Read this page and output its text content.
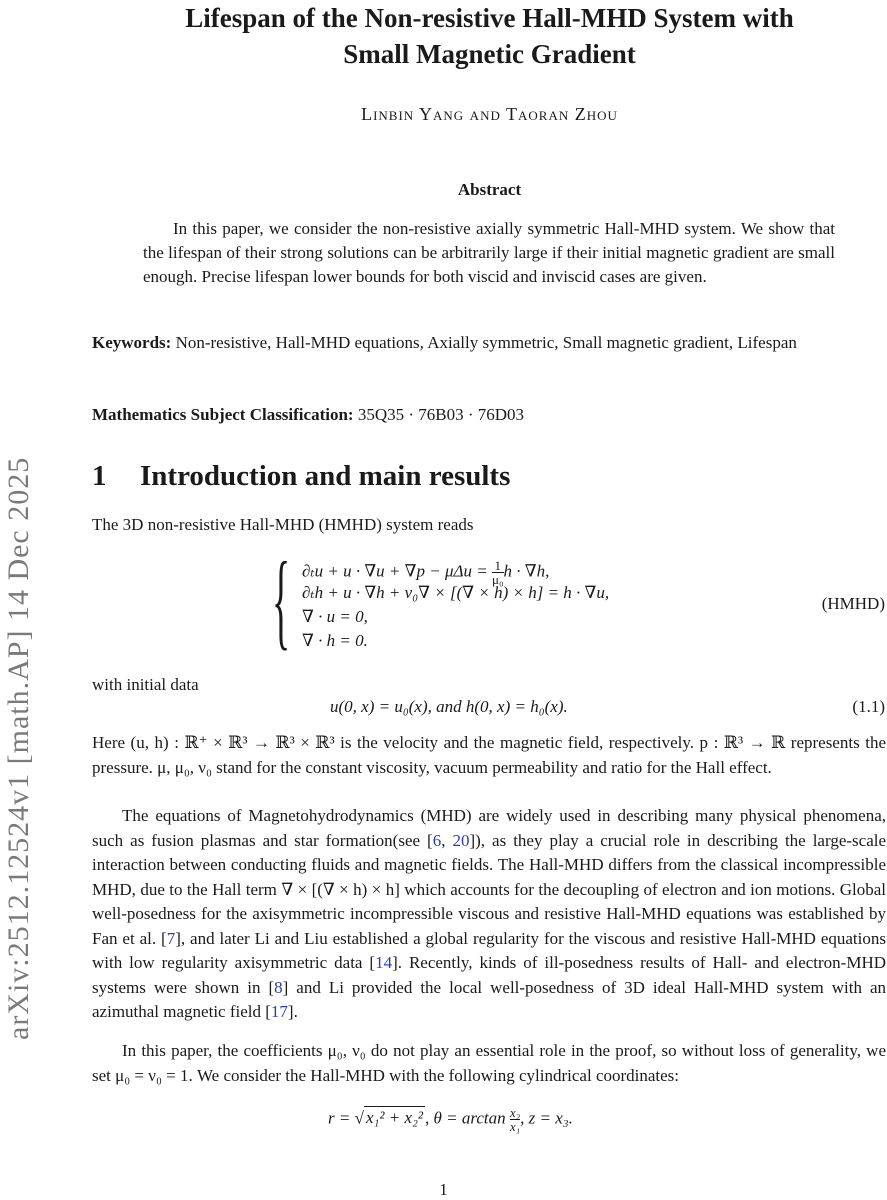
arXiv:2512.12524v1 [math.AP] 14 Dec 2025
Lifespan of the Non-resistive Hall-MHD System with
Small Magnetic Gradient
Linbin Yang and Taoran Zhou
Abstract
In this paper, we consider the non-resistive axially symmetric Hall-MHD system. We show that the lifespan of their strong solutions can be arbitrarily large if their initial magnetic gradient are small enough. Precise lifespan lower bounds for both viscid and inviscid cases are given.
Keywords: Non-resistive, Hall-MHD equations, Axially symmetric, Small magnetic gradient, Lifespan
Mathematics Subject Classification: 35Q35 · 76B03 · 76D03
1 Introduction and main results
The 3D non-resistive Hall-MHD (HMHD) system reads
{ $\partial_tu + u \cdot \nabla u + \nabla p - \mu\Delta u = \frac{1}{\text{μ₀}}$ h · ∇h,
∂ₜh + u · ∇h + ν₀∇ × [(∇ × h) × h] = h · ∇u,
∇ · u = 0,
∇ · h = 0.
(HMHD)
with initial data
u(0, x) = u₀(x), and h(0, x) = h₀(x).	(1.1)
Here (u, h) : ℝ⁺ × ℝ³ → ℝ³ × ℝ³ is the velocity and the magnetic field, respectively. p : ℝ³ → ℝ represents the pressure. μ, μ₀, ν₀ stand for the constant viscosity, vacuum permeability and ratio for the Hall effect.
The equations of Magnetohydrodynamics (MHD) are widely used in describing many physical phenomena, such as fusion plasmas and star formation(see [6, 20]), as they play a crucial role in describing the large-scale interaction between conducting fluids and magnetic fields. The Hall-MHD differs from the classical incompressible MHD, due to the Hall term ∇ × [(∇ × h) × h] which accounts for the decoupling of electron and ion motions. Global well-posedness for the axisymmetric incompressible viscous and resistive Hall-MHD equations was established by Fan et al. [7], and later Li and Liu established a global regularity for the viscous and resistive Hall-MHD equations with low regularity axisymmetric data [14]. Recently, kinds of ill-posedness results of Hall- and electron-MHD systems were shown in [8] and Li provided the local well-posedness of 3D ideal Hall-MHD system with an azimuthal magnetic field [17].
In this paper, the coefficients μ₀, ν₀ do not play an essential role in the proof, so without loss of generality, we set μ₀ = ν₀ = 1. We consider the Hall-MHD with the following cylindrical coordinates:
r = √ x₁² + x₂² , $\theta = \arctan \frac{\text{x₂}}{\text{x₁}}$ , z = x₃.
1
